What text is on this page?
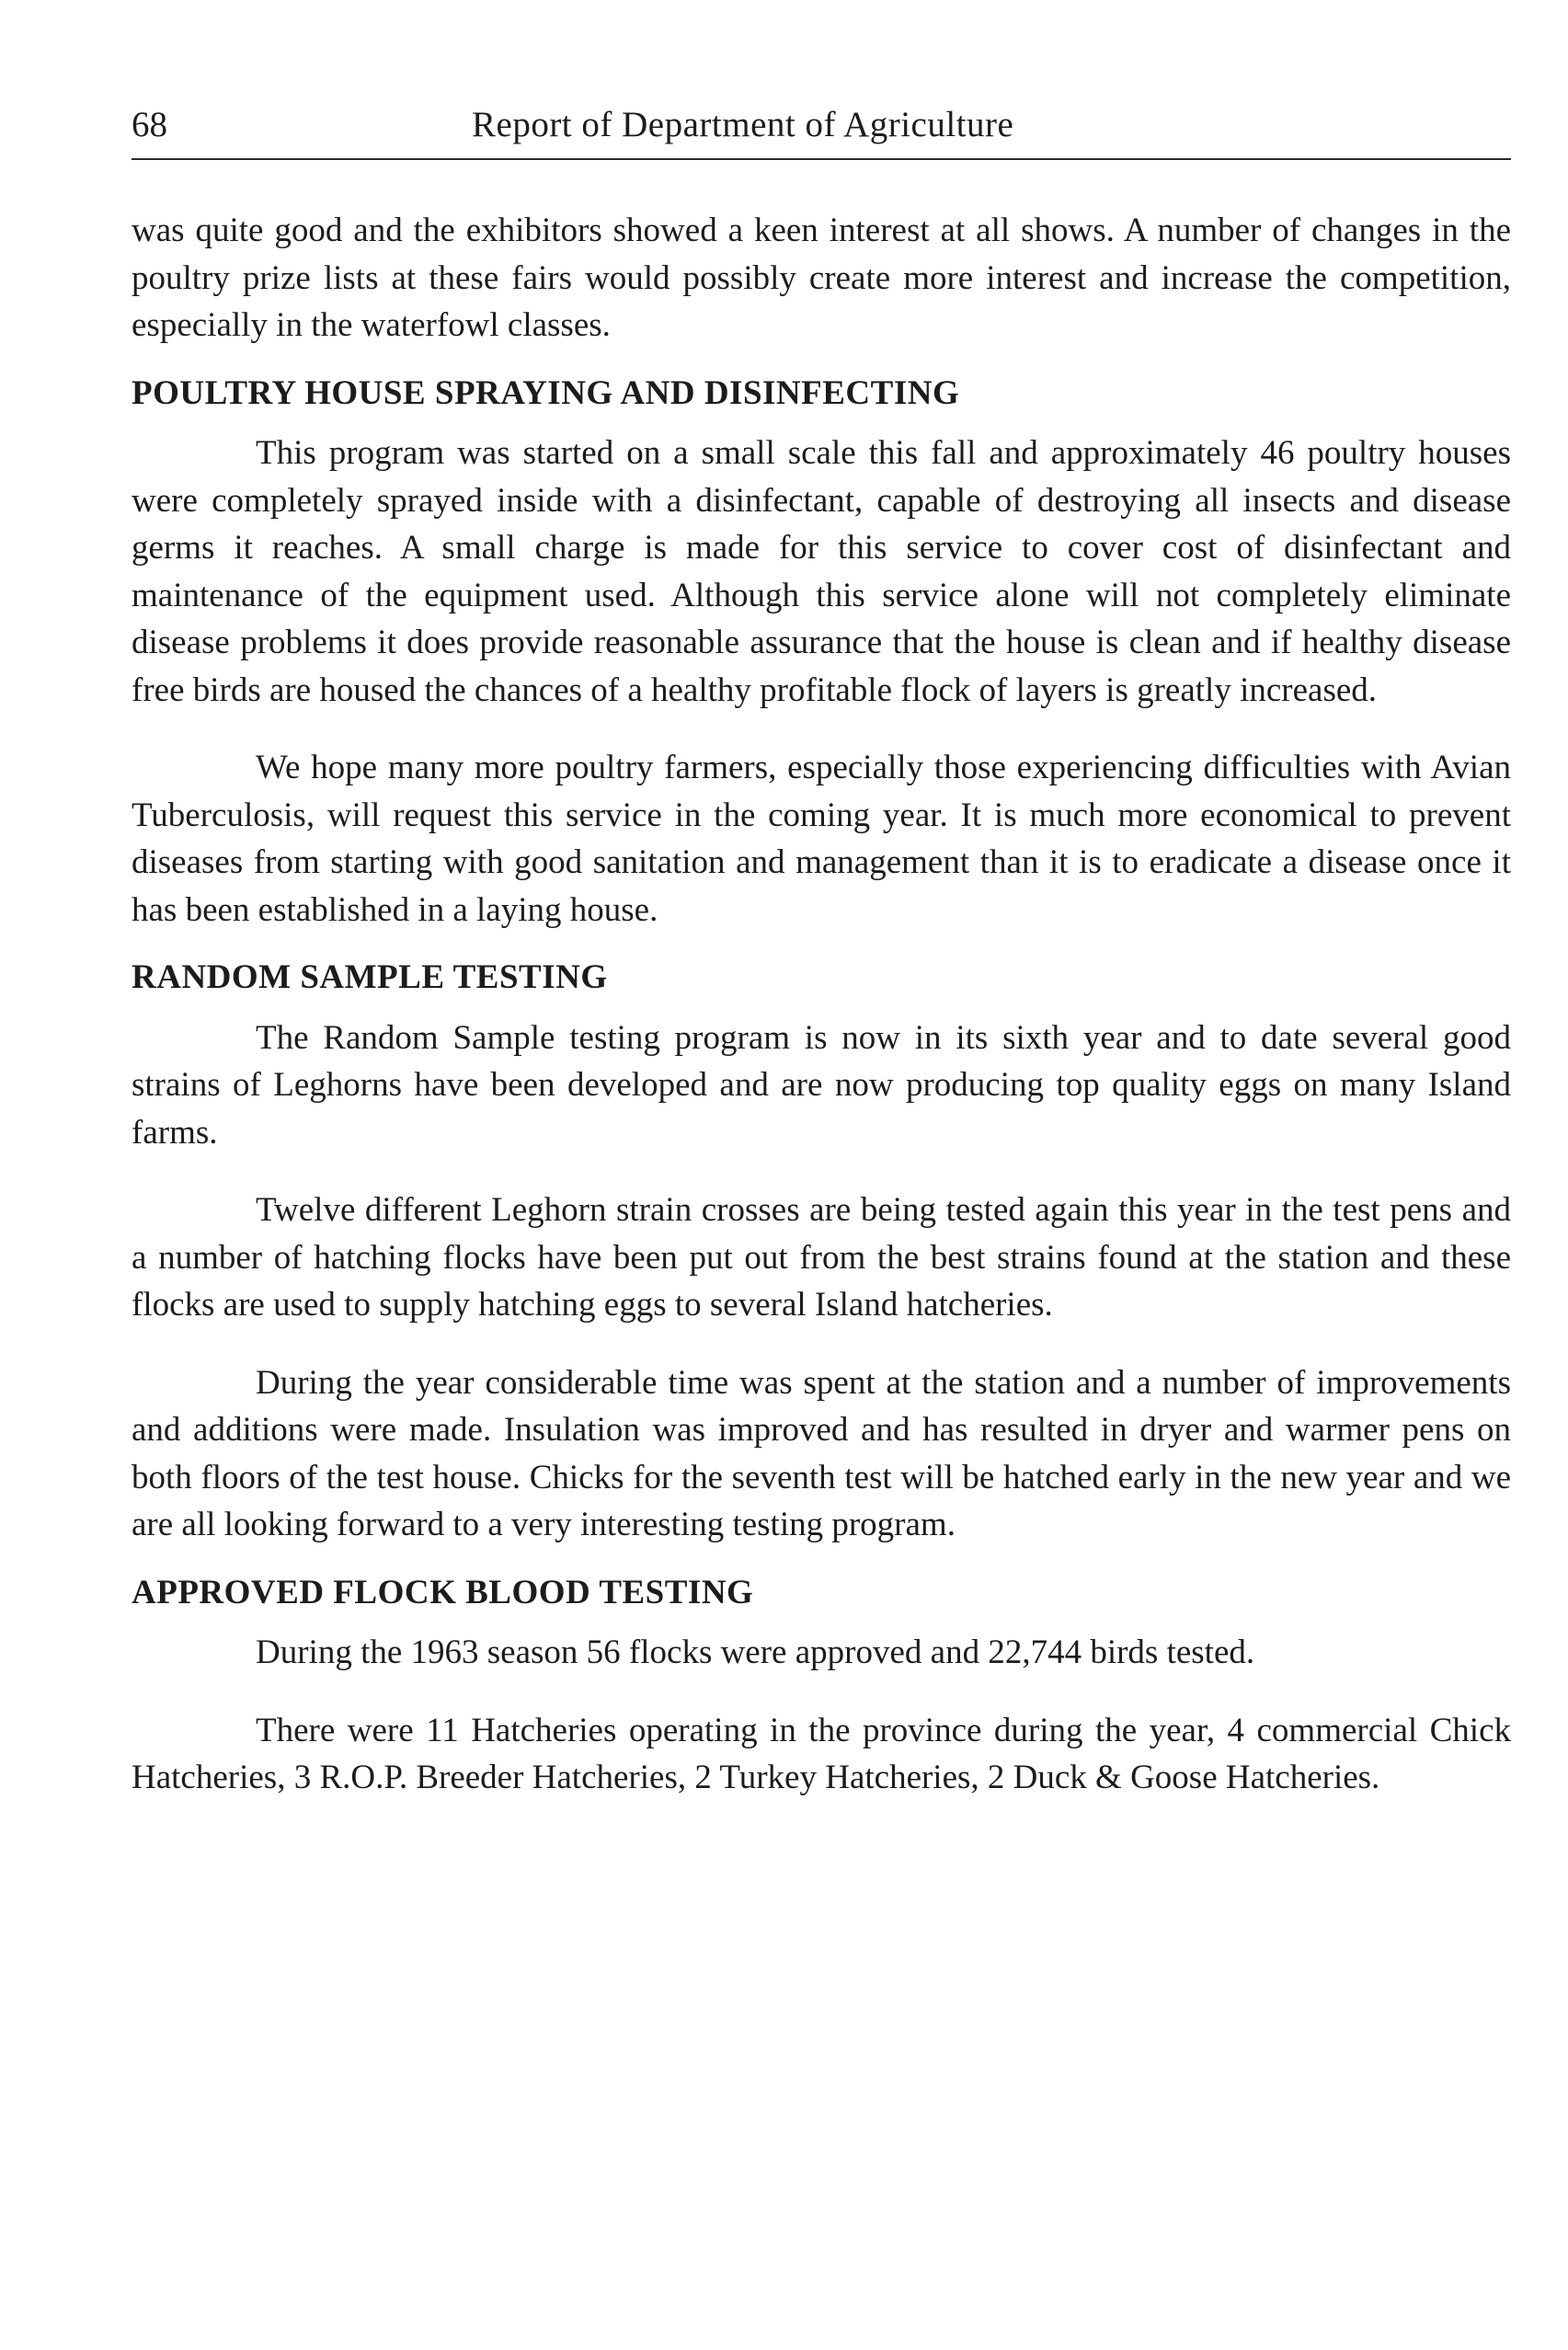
68	Report of Department of Agriculture

was quite good and the exhibitors showed a keen interest at all shows. A number of changes in the poultry prize lists at these fairs would possibly create more interest and increase the competition, especially in the waterfowl classes.

POULTRY HOUSE SPRAYING AND DISINFECTING

This program was started on a small scale this fall and approximately 46 poultry houses were completely sprayed inside with a disinfectant, capable of destroying all insects and disease germs it reaches. A small charge is made for this service to cover cost of disinfectant and maintenance of the equipment used. Although this service alone will not completely eliminate disease problems it does provide reasonable assurance that the house is clean and if healthy disease free birds are housed the chances of a healthy profitable flock of layers is greatly increased.

We hope many more poultry farmers, especially those experiencing difficulties with Avian Tuberculosis, will request this service in the coming year. It is much more economical to prevent diseases from starting with good sanitation and management than it is to eradicate a disease once it has been established in a laying house.

RANDOM SAMPLE TESTING

The Random Sample testing program is now in its sixth year and to date several good strains of Leghorns have been developed and are now producing top quality eggs on many Island farms.

Twelve different Leghorn strain crosses are being tested again this year in the test pens and a number of hatching flocks have been put out from the best strains found at the station and these flocks are used to supply hatching eggs to several Island hatcheries.

During the year considerable time was spent at the station and a number of improvements and additions were made. Insulation was improved and has resulted in dryer and warmer pens on both floors of the test house. Chicks for the seventh test will be hatched early in the new year and we are all looking forward to a very interesting testing program.

APPROVED FLOCK BLOOD TESTING

During the 1963 season 56 flocks were approved and 22,744 birds tested.

There were 11 Hatcheries operating in the province during the year, 4 commercial Chick Hatcheries, 3 R.O.P. Breeder Hatcheries, 2 Turkey Hatcheries, 2 Duck & Goose Hatcheries.
